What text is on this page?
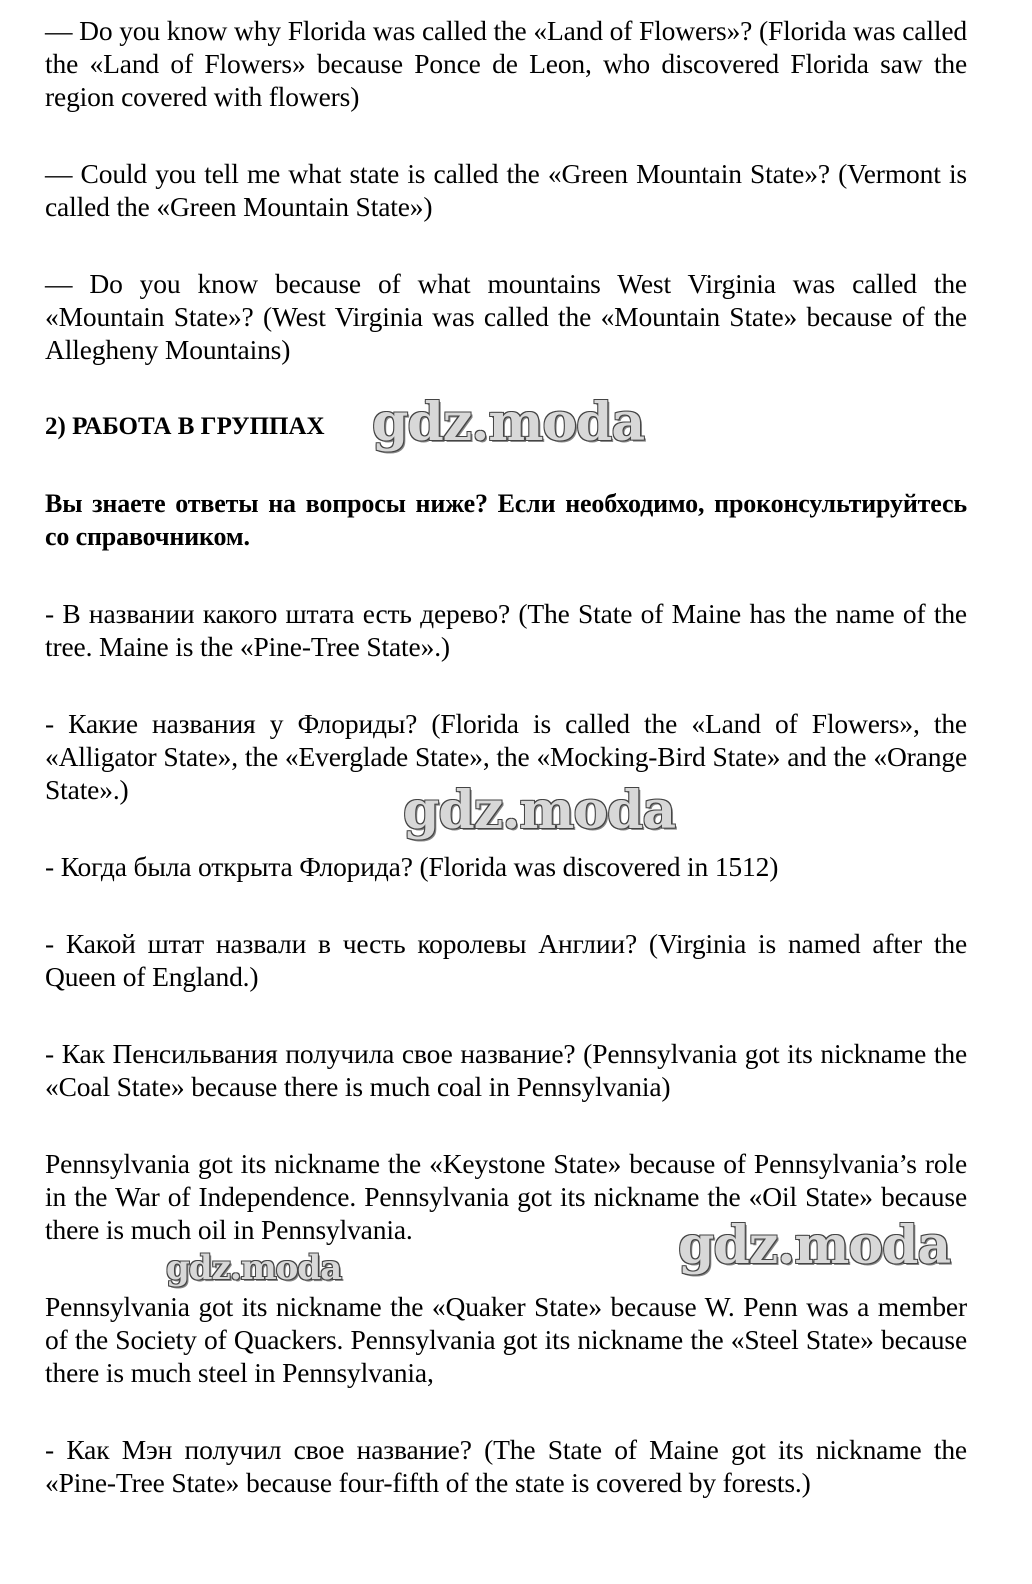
— Do you know why Florida was called the «Land of Flowers»? (Florida was called the «Land of Flowers» because Ponce de Leon, who discovered Florida saw the region covered with flowers)

— Could you tell me what state is called the «Green Mountain State»? (Vermont is called the «Green Mountain State»)

— Do you know because of what mountains West Virginia was called the «Mountain State»? (West Virginia was called the «Mountain State» because of the Allegheny Mountains)

2) РАБОТА В ГРУППАХ

Вы знаете ответы на вопросы ниже? Если необходимо, проконсультируйтесь со справочником.

- В названии какого штата есть дерево? (The State of Maine has the name of the tree. Maine is the «Pine-Tree State».)

- Какие названия у Флориды? (Florida is called the «Land of Flowers», the «Alligator State», the «Everglade State», the «Mocking-Bird State» and the «Orange State».)

- Когда была открыта Флорида? (Florida was discovered in 1512)

- Какой штат назвали в честь королевы Англии? (Virginia is named after the Queen of England.)

- Как Пенсильвания получила свое название? (Pennsylvania got its nickname the «Coal State» because there is much coal in Pennsylvania)

Pennsylvania got its nickname the «Keystone State» because of Pennsylvania’s role in the War of Independence. Pennsylvania got its nickname the «Oil State» because there is much oil in Pennsylvania.

Pennsylvania got its nickname the «Quaker State» because W. Penn was a member of the Society of Quackers. Pennsylvania got its nickname the «Steel State» because there is much steel in Pennsylvania,

- Как Мэн получил свое название? (The State of Maine got its nickname the «Pine-Tree State» because four-fifth of the state is covered by forests.)

gdz.moda
gdz.moda
gdz.moda
gdz.moda
